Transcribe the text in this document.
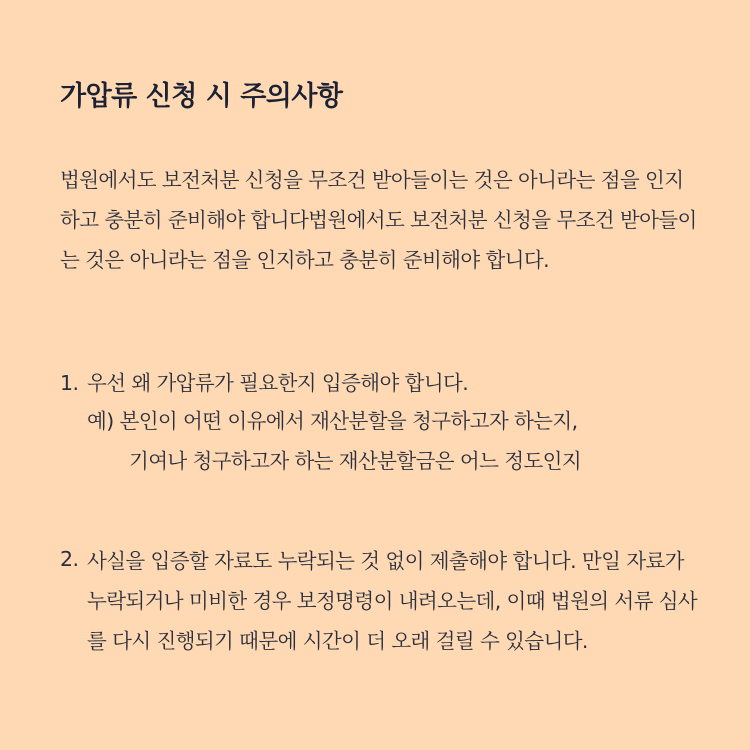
가압류 신청 시 주의사항

법원에서도 보전처분 신청을 무조건 받아들이는 것은 아니라는 점을 인지하고 충분히 준비해야 합니다법원에서도 보전처분 신청을 무조건 받아들이는 것은 아니라는 점을 인지하고 충분히 준비해야 합니다.

1. 우선 왜 가압류가 필요한지 입증해야 합니다.
예) 본인이 어떤 이유에서 재산분할을 청구하고자 하는지,
기여나 청구하고자 하는 재산분할금은 어느 정도인지
2. 사실을 입증할 자료도 누락되는 것 없이 제출해야 합니다. 만일 자료가 누락되거나 미비한 경우 보정명령이 내려오는데, 이때 법원의 서류 심사를 다시 진행되기 때문에 시간이 더 오래 걸릴 수 있습니다.
